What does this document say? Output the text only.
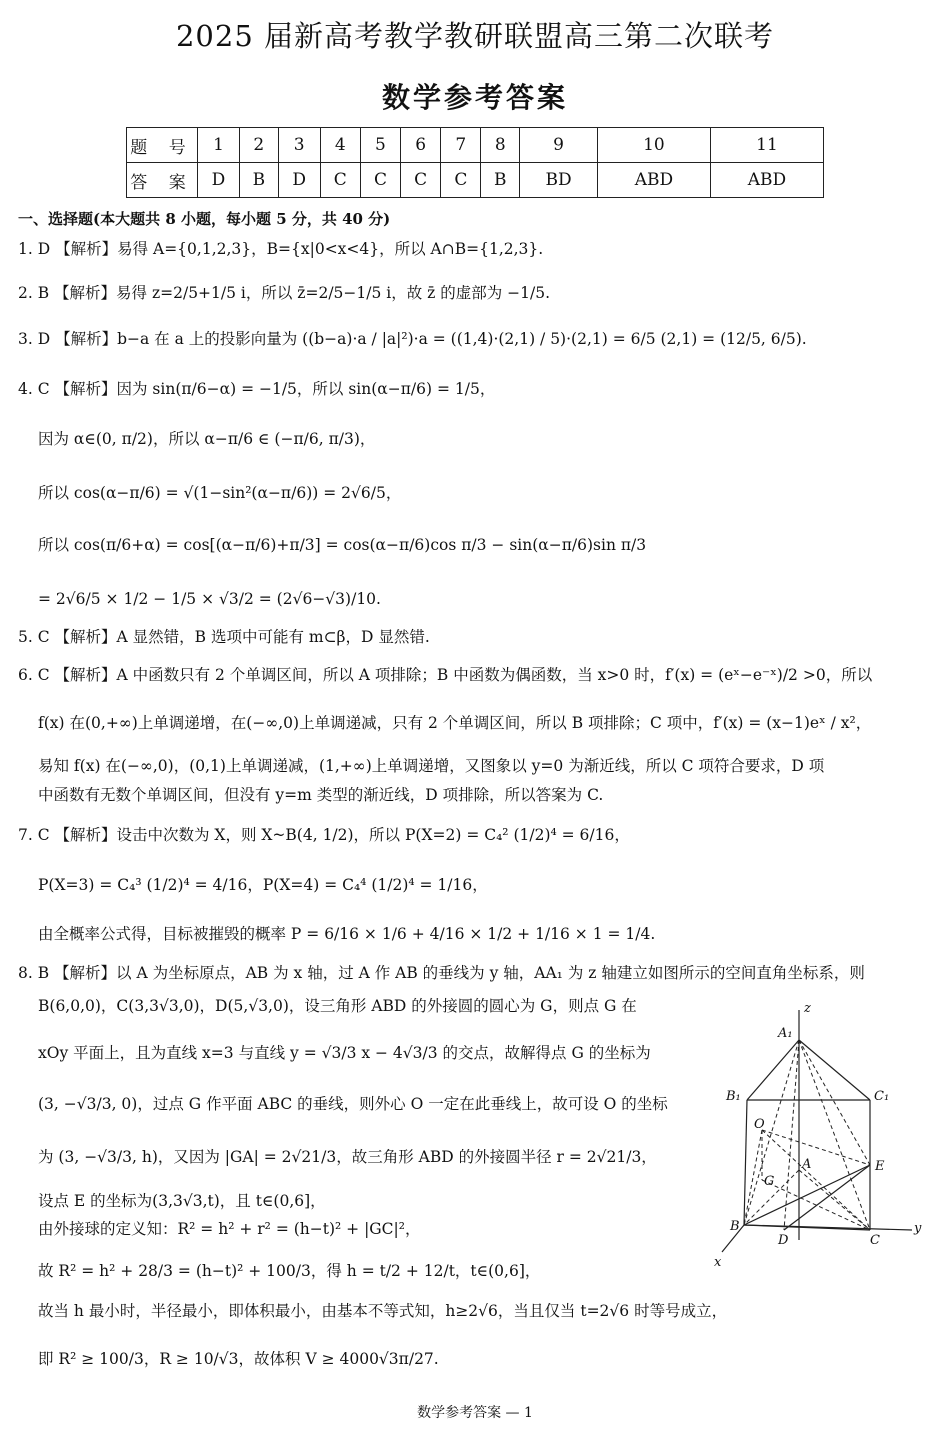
2025 届新高考教学教研联盟高三第二次联考
数学参考答案
题 号	1	2	3	4	5	6	7	8	9	10	11
答 案	D	B	D	C	C	C	C	B	BD	ABD	ABD
一、选择题(本大题共 8 小题，每小题 5 分，共 40 分)
1. D 【解析】易得 A={0,1,2,3}，B={x|0<x<4}，所以 A∩B={1,2,3}.
2. B 【解析】易得 z=2/5+1/5 i，所以 z̄=2/5−1/5 i，故 z̄ 的虚部为 −1/5.
3. D 【解析】b−a 在 a 上的投影向量为 ((b−a)·a / |a|²)·a = ((1,4)·(2,1) / 5)·(2,1) = 6/5 (2,1) = (12/5, 6/5).
4. C 【解析】因为 sin(π/6−α) = −1/5，所以 sin(α−π/6) = 1/5，
因为 α∈(0, π/2)，所以 α−π/6 ∈ (−π/6, π/3)，
所以 cos(α−π/6) = √(1−sin²(α−π/6)) = 2√6/5，
所以 cos(π/6+α) = cos[(α−π/6)+π/3] = cos(α−π/6)cos π/3 − sin(α−π/6)sin π/3
= 2√6/5 × 1/2 − 1/5 × √3/2 = (2√6−√3)/10.
5. C 【解析】A 显然错，B 选项中可能有 m⊂β，D 显然错.
6. C 【解析】A 中函数只有 2 个单调区间，所以 A 项排除；B 中函数为偶函数，当 x>0 时，f′(x) = (eˣ−e⁻ˣ)/2 >0，所以
f(x) 在(0,+∞)上单调递增，在(−∞,0)上单调递减，只有 2 个单调区间，所以 B 项排除；C 项中，f′(x) = (x−1)eˣ / x²，
易知 f(x) 在(−∞,0)，(0,1)上单调递减，(1,+∞)上单调递增，又图象以 y=0 为渐近线，所以 C 项符合要求，D 项
中函数有无数个单调区间，但没有 y=m 类型的渐近线，D 项排除，所以答案为 C.
7. C 【解析】设击中次数为 X，则 X~B(4, 1/2)，所以 P(X=2) = C₄² (1/2)⁴ = 6/16，
P(X=3) = C₄³ (1/2)⁴ = 4/16，P(X=4) = C₄⁴ (1/2)⁴ = 1/16，
由全概率公式得，目标被摧毁的概率 P = 6/16 × 1/6 + 4/16 × 1/2 + 1/16 × 1 = 1/4.
8. B 【解析】以 A 为坐标原点，AB 为 x 轴，过 A 作 AB 的垂线为 y 轴，AA₁ 为 z 轴建立如图所示的空间直角坐标系，则
B(6,0,0)，C(3,3√3,0)，D(5,√3,0)，设三角形 ABD 的外接圆的圆心为 G，则点 G 在
xOy 平面上，且为直线 x=3 与直线 y = √3/3 x − 4√3/3 的交点，故解得点 G 的坐标为
(3, −√3/3, 0)，过点 G 作平面 ABC 的垂线，则外心 O 一定在此垂线上，故可设 O 的坐标
为 (3, −√3/3, h)，又因为 |GA| = 2√21/3，故三角形 ABD 的外接圆半径 r = 2√21/3，
设点 E 的坐标为(3,3√3,t)，且 t∈(0,6]，
由外接球的定义知：R² = h² + r² = (h−t)² + |GC|²，
故 R² = h² + 28/3 = (h−t)² + 100/3，得 h = t/2 + 12/t，t∈(0,6]，
故当 h 最小时，半径最小，即体积最小，由基本不等式知，h≥2√6，当且仅当 t=2√6 时等号成立，
即 R² ≥ 100/3，R ≥ 10/√3，故体积 V ≥ 4000√3π/27.
z
A₁
B₁	C₁
O
A	E
G
B
D	C
y
x
数学参考答案 — 1
